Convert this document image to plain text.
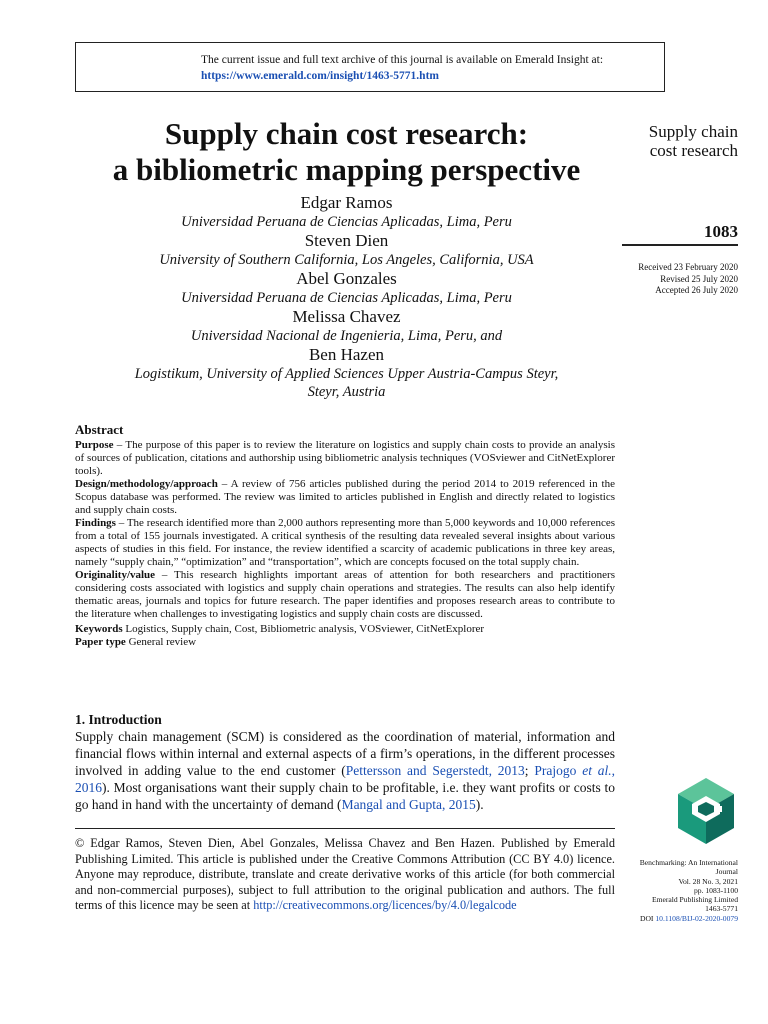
The current issue and full text archive of this journal is available on Emerald Insight at:
https://www.emerald.com/insight/1463-5771.htm
Supply chain cost research:
a bibliometric mapping perspective
Edgar Ramos
Universidad Peruana de Ciencias Aplicadas, Lima, Peru
Steven Dien
University of Southern California, Los Angeles, California, USA
Abel Gonzales
Universidad Peruana de Ciencias Aplicadas, Lima, Peru
Melissa Chavez
Universidad Nacional de Ingenieria, Lima, Peru, and
Ben Hazen
Logistikum, University of Applied Sciences Upper Austria-Campus Steyr,
Steyr, Austria
Supply chain
cost research
1083
Received 23 February 2020
Revised 25 July 2020
Accepted 26 July 2020
Abstract

Purpose – The purpose of this paper is to review the literature on logistics and supply chain costs to provide an analysis of sources of publication, citations and authorship using bibliometric analysis techniques (VOSviewer and CitNetExplorer tools).

Design/methodology/approach – A review of 756 articles published during the period 2014 to 2019 referenced in the Scopus database was performed. The review was limited to articles published in English and directly related to logistics and supply chain costs.

Findings – The research identified more than 2,000 authors representing more than 5,000 keywords and 10,000 references from a total of 155 journals investigated. A critical synthesis of the resulting data revealed several insights about various aspects of studies in this field. For instance, the review identified a scarcity of academic publications in three key areas, namely “supply chain,” “optimization” and “transportation”, which are concepts focused on the total supply chain.

Originality/value – This research highlights important areas of attention for both researchers and practitioners considering costs associated with logistics and supply chain operations and strategies. The results can also help identify thematic areas, journals and topics for future research. The paper identifies and proposes research areas to contribute to the literature when challenges to investigating logistics and supply chain costs are discussed.

Keywords Logistics, Supply chain, Cost, Bibliometric analysis, VOSviewer, CitNetExplorer

Paper type General review

1. Introduction

Supply chain management (SCM) is considered as the coordination of material, information and financial flows within internal and external aspects of a firm’s operations, in the different processes involved in adding value to the end customer (Pettersson and Segerstedt, 2013; Prajogo et al., 2016). Most organisations want their supply chain to be profitable, i.e. they want profits or costs to go hand in hand with the uncertainty of demand (Mangal and Gupta, 2015).

© Edgar Ramos, Steven Dien, Abel Gonzales, Melissa Chavez and Ben Hazen. Published by Emerald Publishing Limited. This article is published under the Creative Commons Attribution (CC BY 4.0) licence. Anyone may reproduce, distribute, translate and create derivative works of this article (for both commercial and non-commercial purposes), subject to full attribution to the original publication and authors. The full terms of this licence may be seen at http://creativecommons.org/licences/by/4.0/legalcode
Benchmarking: An International
Journal
Vol. 28 No. 3, 2021
pp. 1083-1100
Emerald Publishing Limited
1463-5771
DOI 10.1108/BIJ-02-2020-0079
